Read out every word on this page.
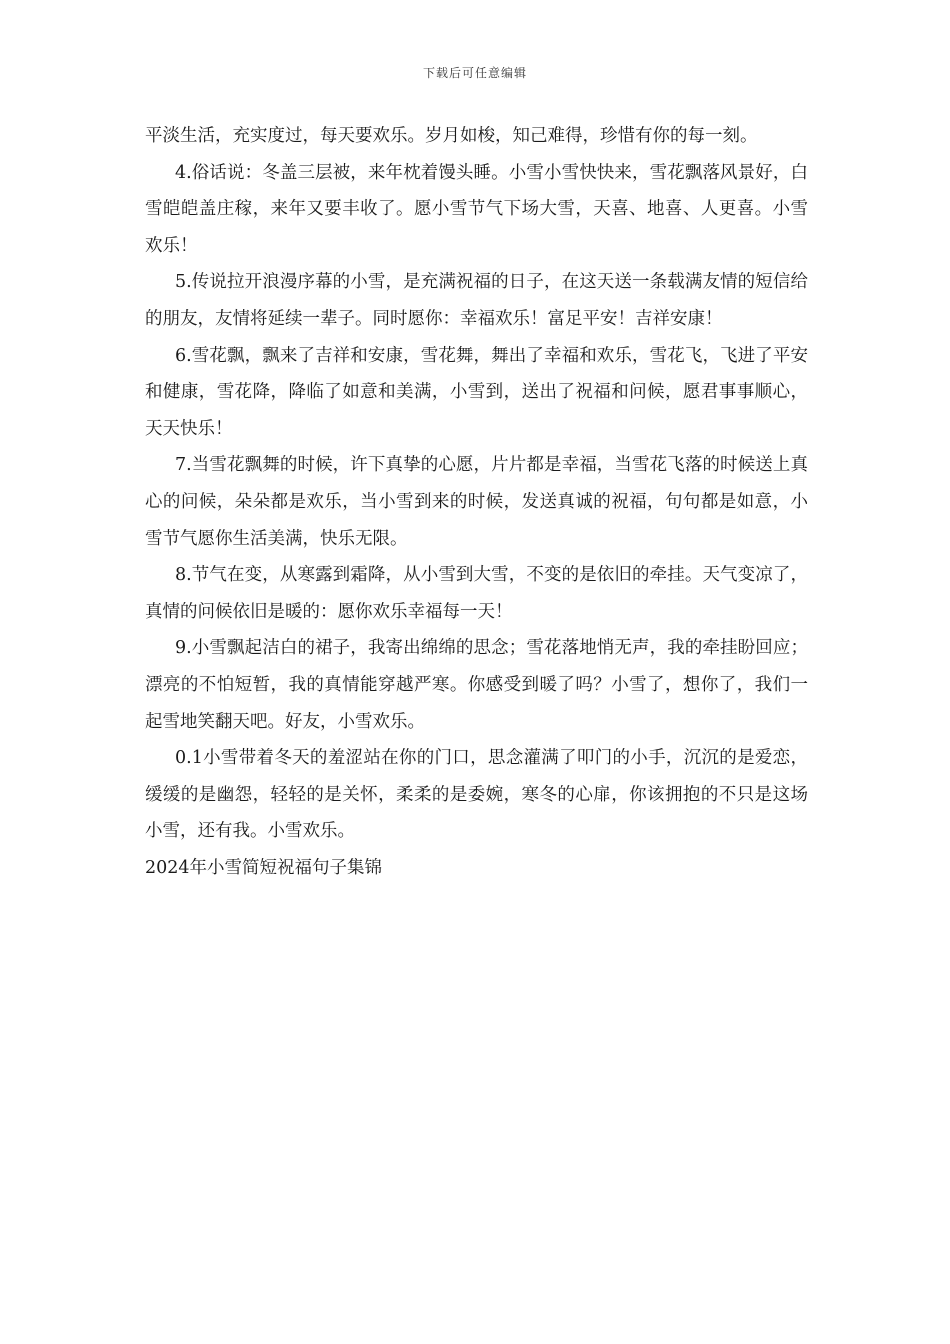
下载后可任意编辑

平淡生活，充实度过，每天要欢乐。岁月如梭，知己难得，珍惜有你的每一刻。

4.俗话说：冬盖三层被，来年枕着馒头睡。小雪小雪快快来，雪花飘落风景好，白雪皑皑盖庄稼，来年又要丰收了。愿小雪节气下场大雪，天喜、地喜、人更喜。小雪欢乐！

5.传说拉开浪漫序幕的小雪，是充满祝福的日子，在这天送一条载满友情的短信给的朋友，友情将延续一辈子。同时愿你：幸福欢乐！富足平安！吉祥安康！

6.雪花飘，飘来了吉祥和安康，雪花舞，舞出了幸福和欢乐，雪花飞，飞进了平安和健康，雪花降，降临了如意和美满，小雪到，送出了祝福和问候，愿君事事顺心，天天快乐！

7.当雪花飘舞的时候，许下真挚的心愿，片片都是幸福，当雪花飞落的时候送上真心的问候，朵朵都是欢乐，当小雪到来的时候，发送真诚的祝福，句句都是如意，小雪节气愿你生活美满，快乐无限。

8.节气在变，从寒露到霜降，从小雪到大雪，不变的是依旧的牵挂。天气变凉了，真情的问候依旧是暖的：愿你欢乐幸福每一天！

9.小雪飘起洁白的裙子，我寄出绵绵的思念；雪花落地悄无声，我的牵挂盼回应；漂亮的不怕短暂，我的真情能穿越严寒。你感受到暖了吗？小雪了，想你了，我们一起雪地笑翻天吧。好友，小雪欢乐。

0.1小雪带着冬天的羞涩站在你的门口，思念灌满了叩门的小手，沉沉的是爱恋，缓缓的是幽怨，轻轻的是关怀，柔柔的是委婉，寒冬的心扉，你该拥抱的不只是这场小雪，还有我。小雪欢乐。

2024年小雪简短祝福句子集锦
